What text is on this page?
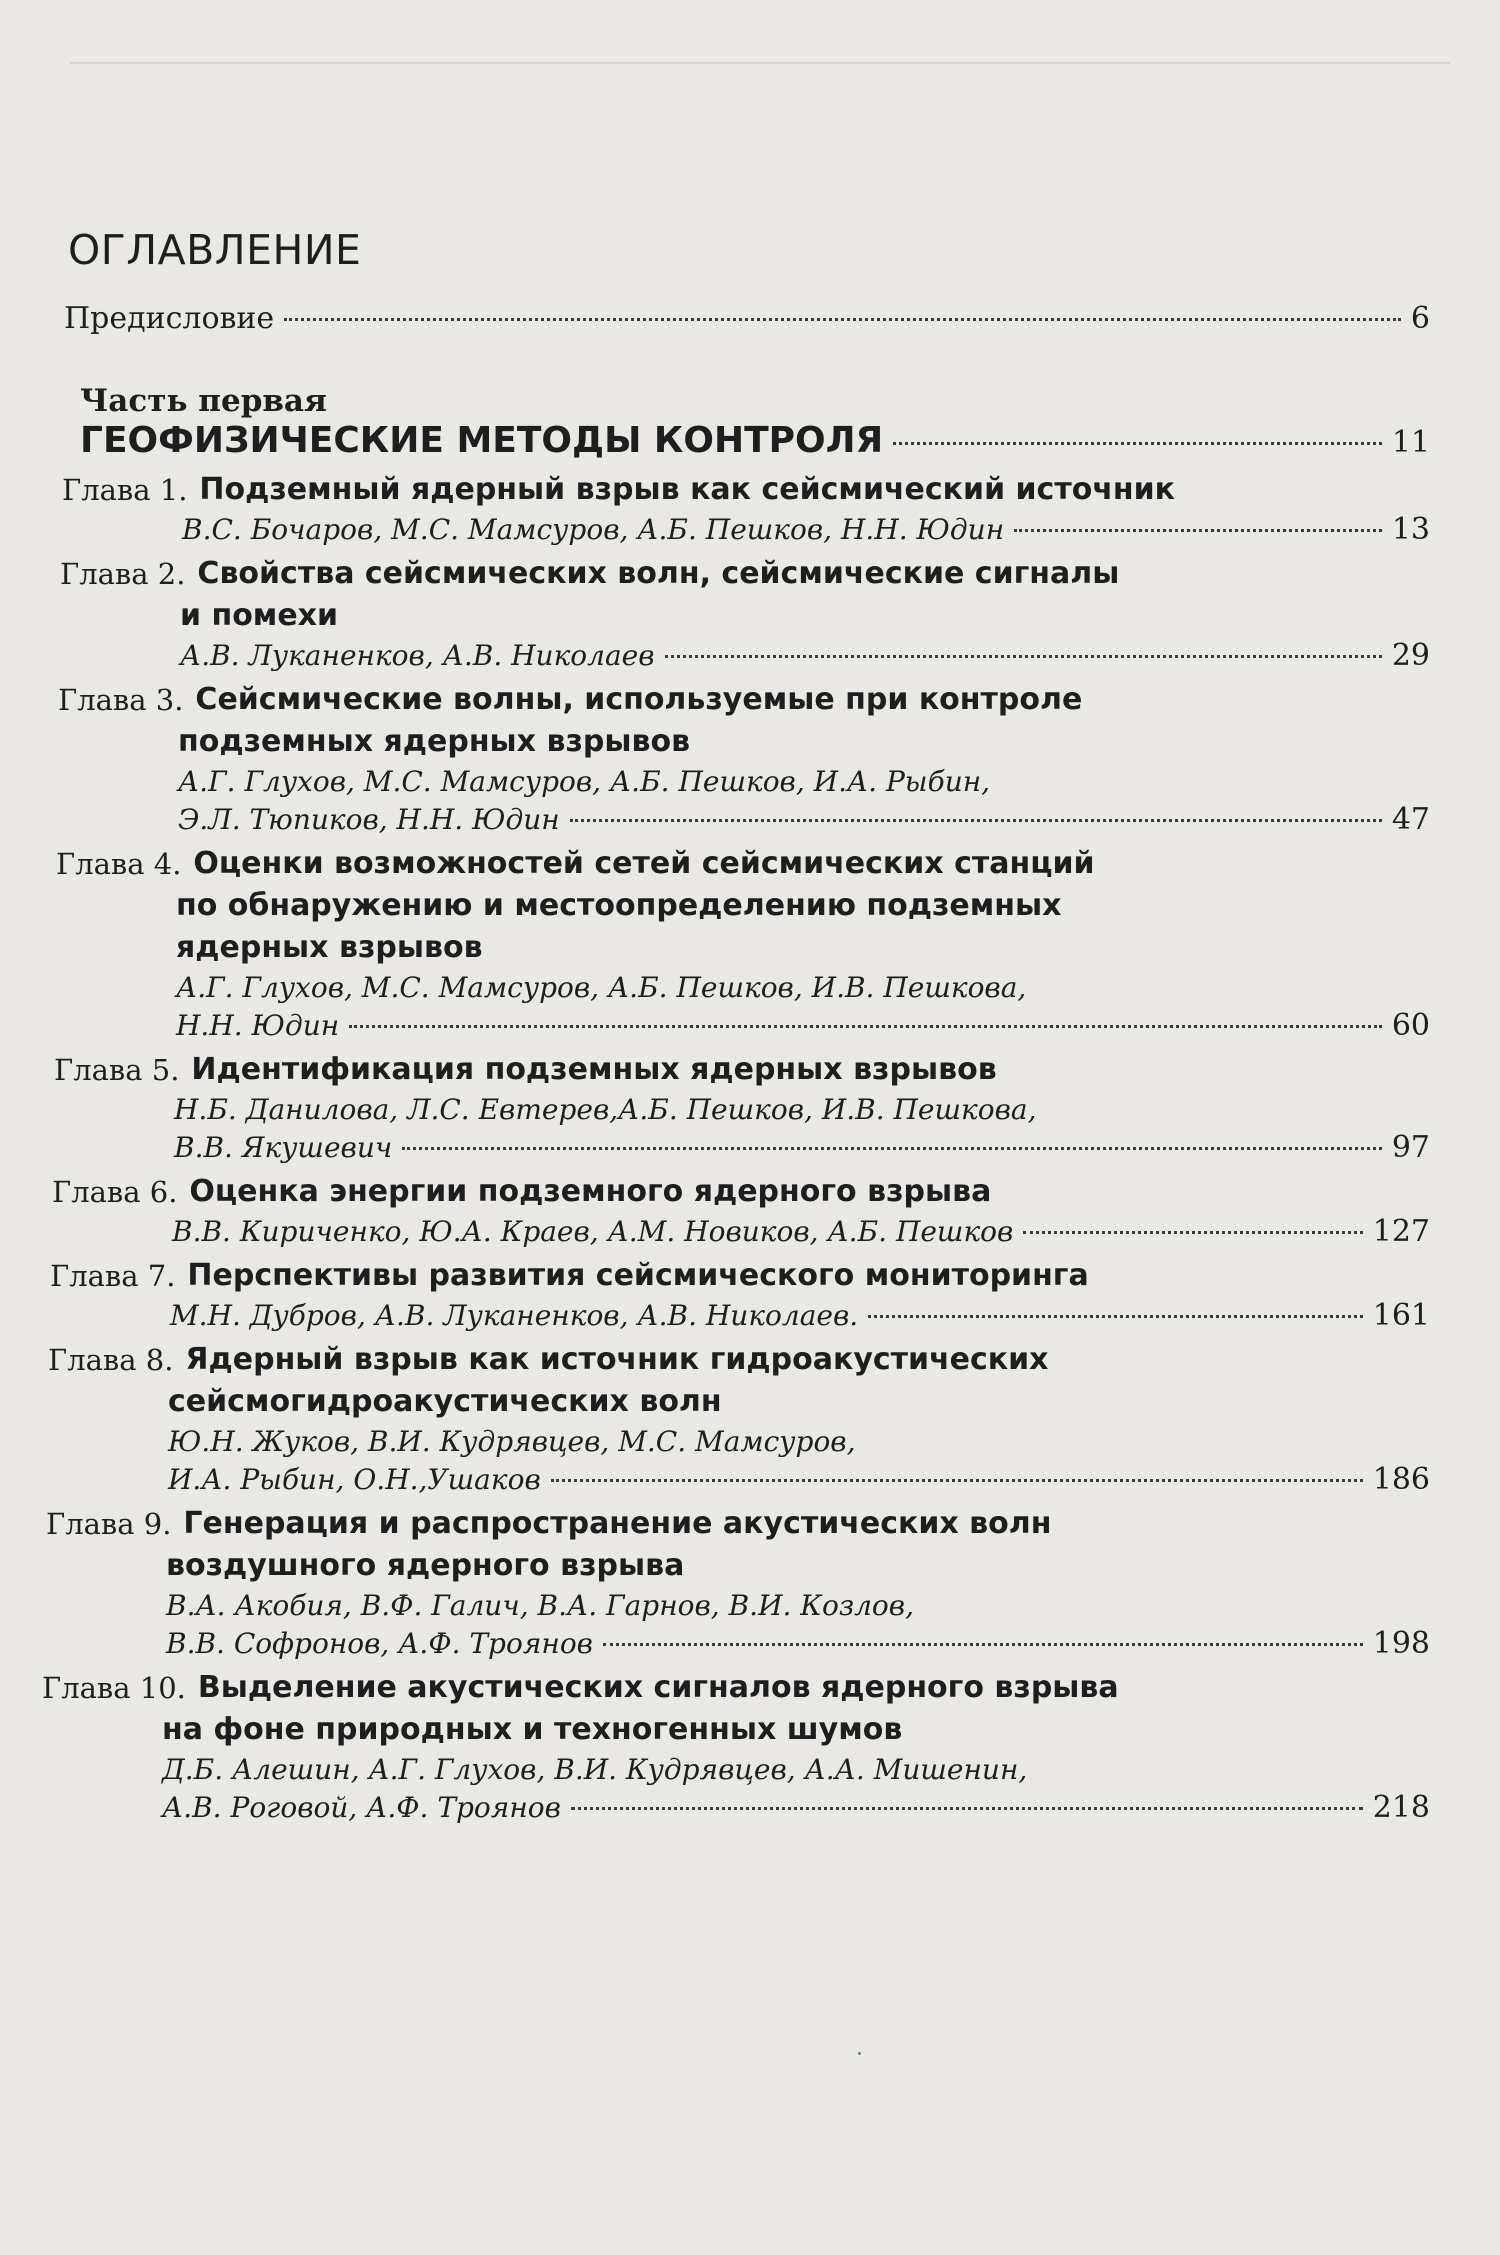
ОГЛАВЛЕНИЕ
Предисловие	6
Часть первая
ГЕОФИЗИЧЕСКИЕ МЕТОДЫ КОНТРОЛЯ	11
Глава 1. Подземный ядерный взрыв как сейсмический источник
В.С. Бочаров, М.С. Мамсуров, А.Б. Пешков, Н.Н. Юдин	13
Глава 2. Свойства сейсмических волн, сейсмические сигналы
и помехи
А.В. Луканенков, А.В. Николаев	29
Глава 3. Сейсмические волны, используемые при контроле
подземных ядерных взрывов
А.Г. Глухов, М.С. Мамсуров, А.Б. Пешков, И.А. Рыбин,
Э.Л. Тюпиков, Н.Н. Юдин	47
Глава 4. Оценки возможностей сетей сейсмических станций
по обнаружению и местоопределению подземных
ядерных взрывов
А.Г. Глухов, М.С. Мамсуров, А.Б. Пешков, И.В. Пешкова,
Н.Н. Юдин	60
Глава 5. Идентификация подземных ядерных взрывов
Н.Б. Данилова, Л.С. Евтерев,А.Б. Пешков, И.В. Пешкова,
В.В. Якушевич	97
Глава 6. Оценка энергии подземного ядерного взрыва
В.В. Кириченко, Ю.А. Краев, А.М. Новиков, А.Б. Пешков	127
Глава 7. Перспективы развития сейсмического мониторинга
М.Н. Дубров, А.В. Луканенков, А.В. Николаев.	161
Глава 8. Ядерный взрыв как источник гидроакустических
сейсмогидроакустических волн
Ю.Н. Жуков, В.И. Кудрявцев, М.С. Мамсуров,
И.А. Рыбин, О.Н.,Ушаков	186
Глава 9. Генерация и распространение акустических волн
воздушного ядерного взрыва
В.А. Акобия, В.Ф. Галич, В.А. Гарнов, В.И. Козлов,
В.В. Софронов, А.Ф. Троянов	198
Глава 10. Выделение акустических сигналов ядерного взрыва
на фоне природных и техногенных шумов
Д.Б. Алешин, А.Г. Глухов, В.И. Кудрявцев, А.А. Мишенин,
А.В. Роговой, А.Ф. Троянов	218
